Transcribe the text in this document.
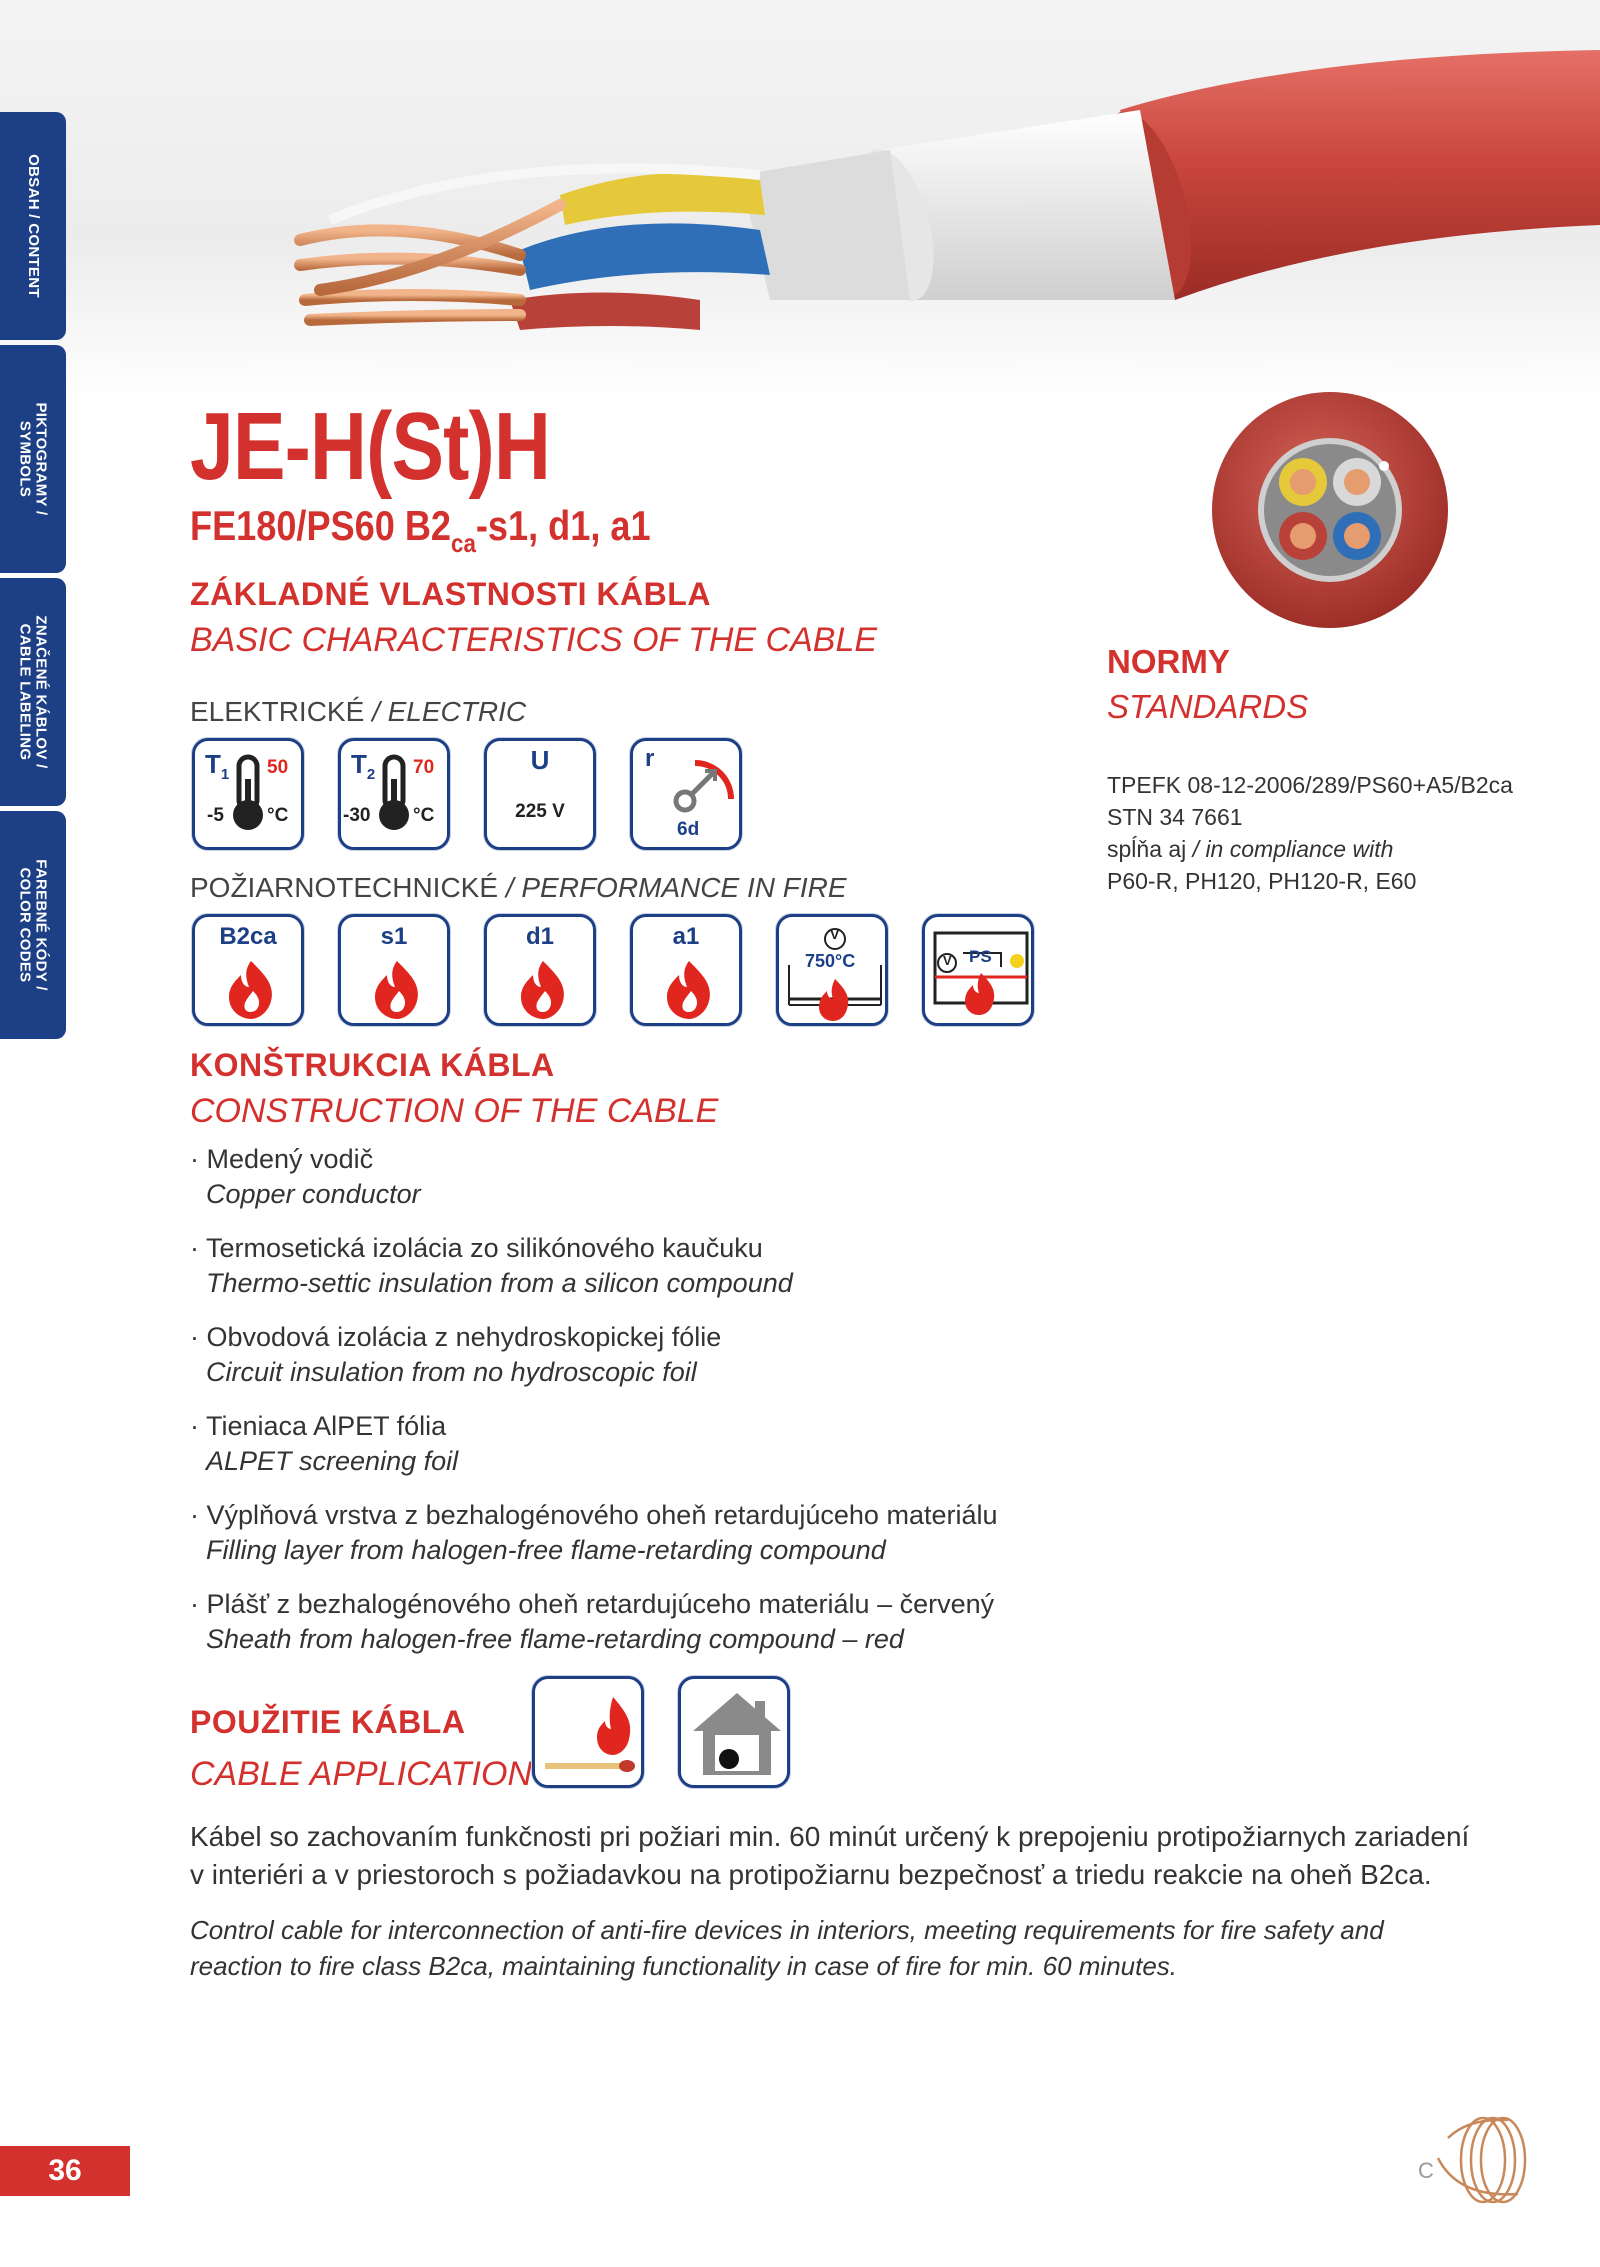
OBSAH / CONTENT
PIKTOGRAMY /
SYMBOLS
ZNAČENÉ KÁBLOV /
CABLE LABELING
FAREBNÉ KÓDY /
COLOR CODES
JE-H(St)H
FE180/PS60 $B2_{ca}-s1$, d1, a1
ZÁKLADNÉ VLASTNOSTI KÁBLA
BASIC CHARACTERISTICS OF THE CABLE
ELEKTRICKÉ / ELECTRIC
$T_1$ 50
-5 °C
$T_2$ 70
-30 °C
U
225 V
r
6d
POŽIARNOTECHNICKÉ / PERFORMANCE IN FIRE
B2ca	s1	d1	a1	V
750°C	V PS
KONŠTRUKCIA KÁBLA
CONSTRUCTION OF THE CABLE
· Medený vodič
Copper conductor
· Termosetická izolácia zo silikónového kaučuku
Thermo-settic insulation from a silicon compound
· Obvodová izolácia z nehydroskopickej fólie
Circuit insulation from no hydroscopic foil
· Tieniaca AlPET fólia
ALPET screening foil
· Výplňová vrstva z bezhalogénového oheň retardujúceho materiálu
Filling layer from halogen-free flame-retarding compound
· Plášť z bezhalogénového oheň retardujúceho materiálu – červený
Sheath from halogen-free flame-retarding compound – red
POUŽITIE KÁBLA
CABLE APPLICATION
Kábel so zachovaním funkčnosti pri požiari min. 60 minút určený k prepojeniu protipožiarnych zariadení v interiéri a v priestoroch s požiadavkou na protipožiarnu bezpečnosť a triedu reakcie na oheň B2ca.
Control cable for interconnection of anti-fire devices in interiors, meeting requirements for fire safety and reaction to fire class B2ca, maintaining functionality in case of fire for min. 60 minutes.
NORMY
STANDARDS
TPEFK 08-12-2006/289/PS60+A5/B2ca
STN 34 7661
spĺňa aj / in compliance with
P60-R, PH120, PH120-R, E60
36	C
